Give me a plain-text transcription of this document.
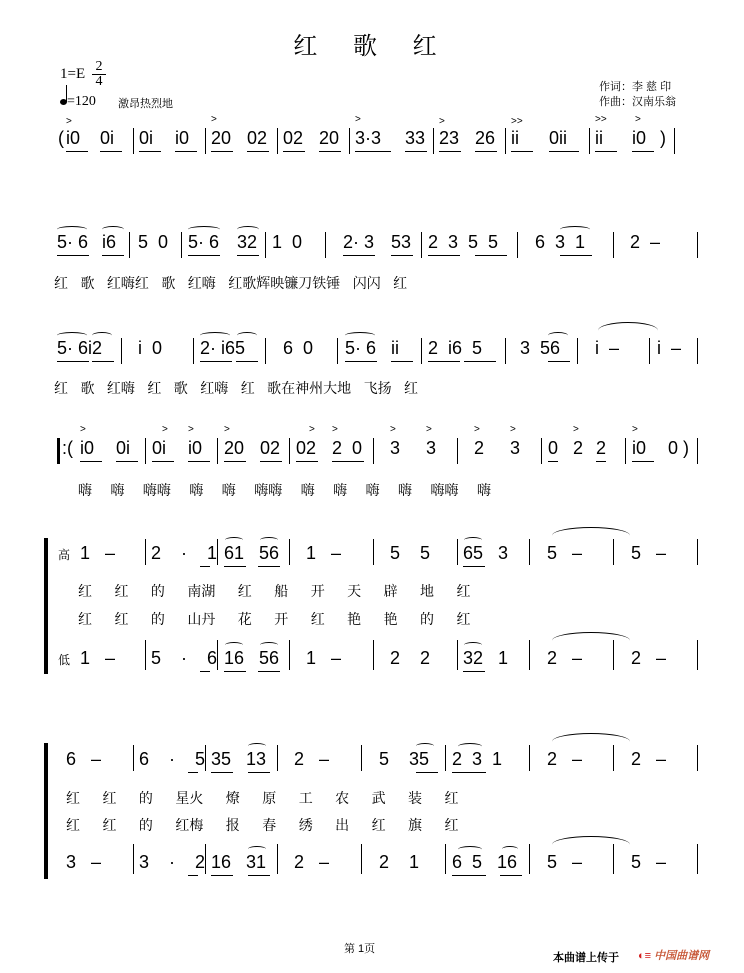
红 歌 红
1=E 2
4
=120 激昂热烈地
作词：李 慈 印
作曲：汉南乐翁
( i0 0i 0i i0 20 02 02 20 3·3 33 23 26 ii 0ii ii i0 )
>	>	>	>	>>	>>	>
5· 6 i6 5  0 5· 6 32 1  0 2· 3 53 2  3  5  5 6  3  1 2  –
红 歌 红嗨红 歌 红嗨 红歌辉映镰刀铁锤 闪闪 红
5· 6i2 i  0 2· i65 6  0 5· 6 ii 2  i6  5 3  56 i  – i  –
红 歌 红嗨 红 歌 红嗨 红 歌在神州大地 飞扬 红
:( i0 0i 0i i0 20 02 02 2  0 3 3 2 3 0 2 2 i0 0 )
>	> >	>	> >	>	>	>	>	>	>
嗨 嗨 嗨嗨 嗨 嗨 嗨嗨 嗨 嗨 嗨 嗨 嗨嗨 嗨
高 1   – 2    ·    1 61   56 1   –	5    5 65   3 5   –	5   –
红 红 的 南湖 红 船 开 天 辟 地 红
红 红 的 山丹 花 开 红 艳 艳 的 红
低 1   – 5    ·    6 16   56 1   –	2    2 32   1 2   –	2   –
6   – 6    ·    5 35   13 2   –	5    35 2  3  1 2   –	2   –
红 红 的 星火 燎 原 工 农 武 装 红
红 红 的 红梅 报 春 绣 出 红 旗 红
3   – 3    ·    2 16   31 2   –	2    1 6  5   16 5   –	5   –
第 1页
本曲谱上传于 ◐≡ 中国曲谱网
